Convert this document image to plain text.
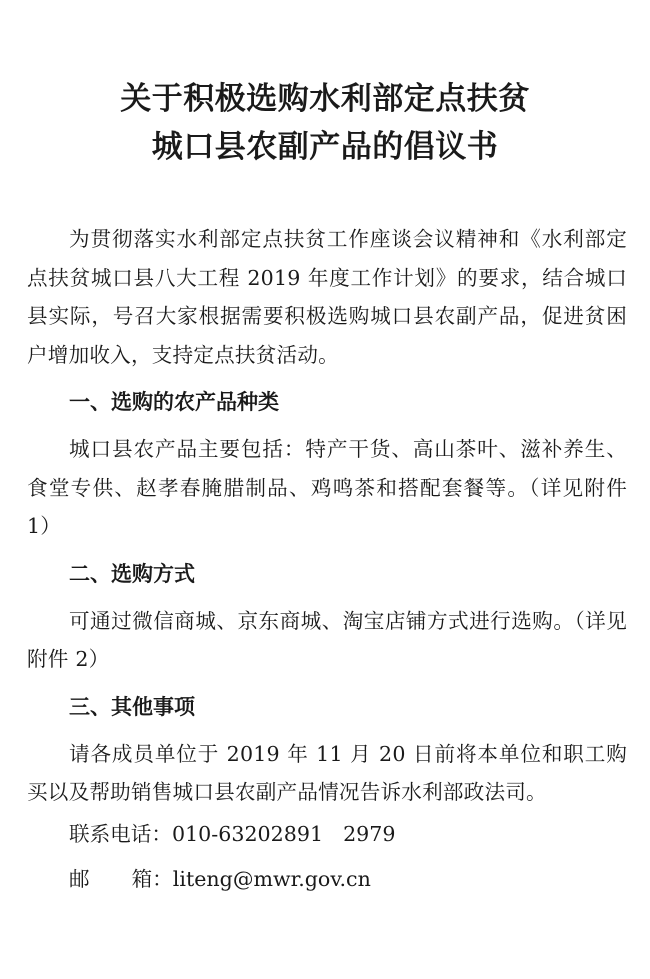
关于积极选购水利部定点扶贫
城口县农副产品的倡议书

为贯彻落实水利部定点扶贫工作座谈会议精神和《水利部定点扶贫城口县八大工程 2019 年度工作计划》的要求，结合城口县实际，号召大家根据需要积极选购城口县农副产品，促进贫困户增加收入，支持定点扶贫活动。

一、选购的农产品种类

城口县农产品主要包括：特产干货、高山茶叶、滋补养生、食堂专供、赵孝春腌腊制品、鸡鸣茶和搭配套餐等。（详见附件 1）

二、选购方式

可通过微信商城、京东商城、淘宝店铺方式进行选购。（详见附件 2）

三、其他事项

请各成员单位于 2019 年 11 月 20 日前将本单位和职工购买以及帮助销售城口县农副产品情况告诉水利部政法司。

联系电话：010-63202891 2979

邮 箱：liteng@mwr.gov.cn
